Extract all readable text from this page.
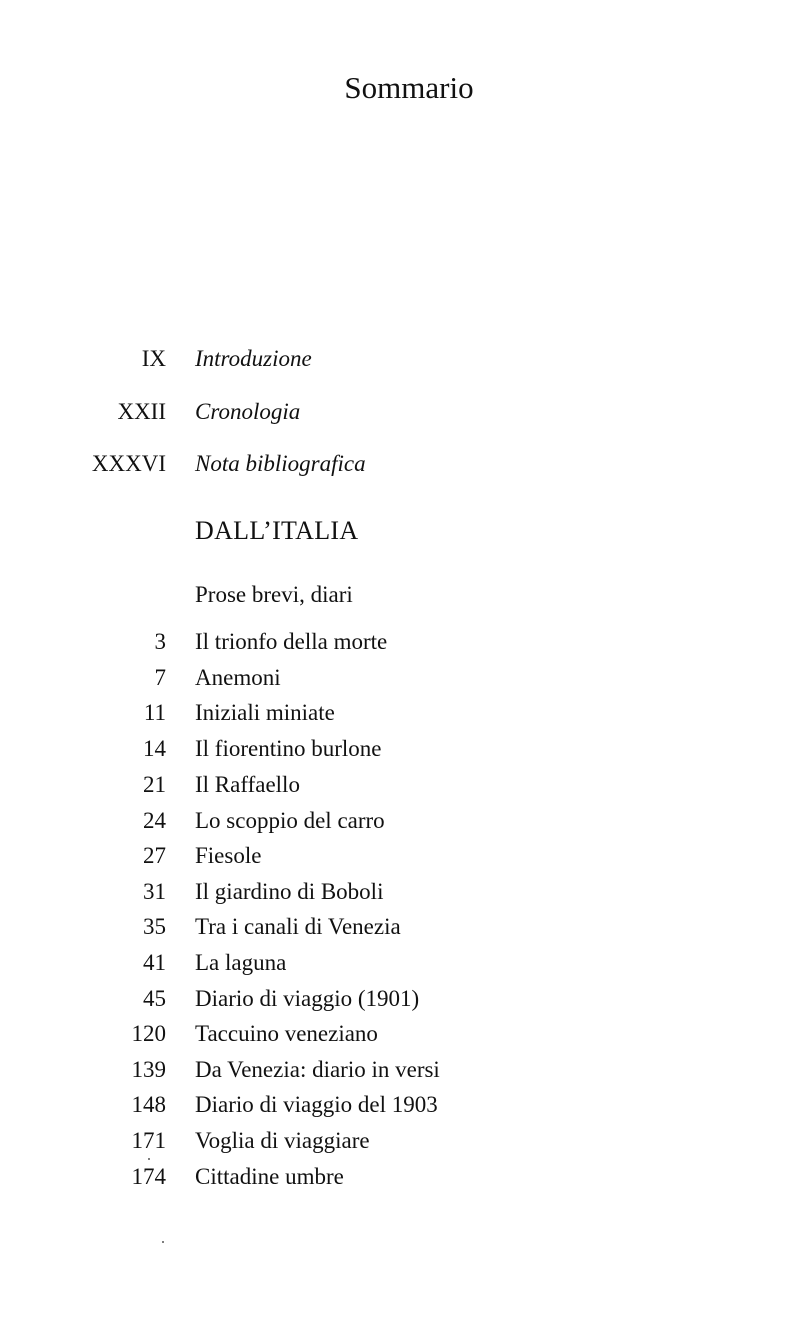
Sommario
IX Introduzione
XXII Cronologia
XXXVI Nota bibliografica
DALL’ITALIA
Prose brevi, diari
3 Il trionfo della morte
7 Anemoni
11 Iniziali miniate
14 Il fiorentino burlone
21 Il Raffaello
24 Lo scoppio del carro
27 Fiesole
31 Il giardino di Boboli
35 Tra i canali di Venezia
41 La laguna
45 Diario di viaggio (1901)
120 Taccuino veneziano
139 Da Venezia: diario in versi
148 Diario di viaggio del 1903
171 Voglia di viaggiare
174 Cittadine umbre
